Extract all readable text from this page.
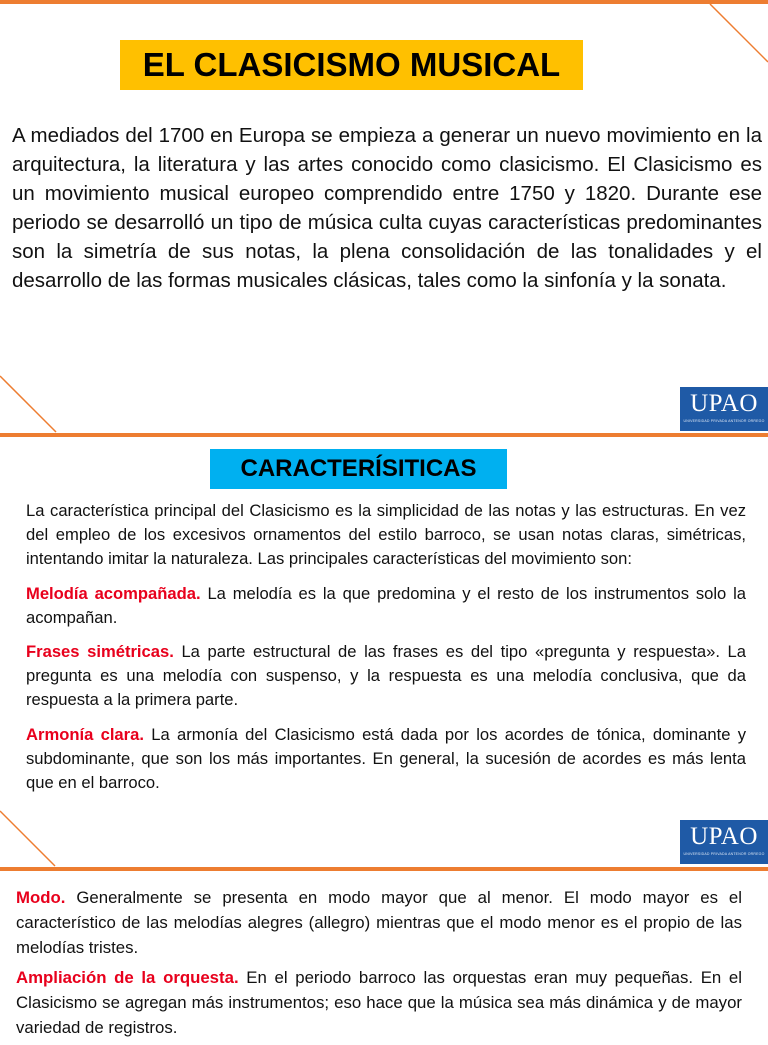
EL CLASICISMO MUSICAL

A mediados del 1700 en Europa se empieza a generar un nuevo movimiento en la arquitectura, la literatura y las artes conocido como clasicismo. El Clasicismo es un movimiento musical europeo comprendido entre 1750 y 1820. Durante ese periodo se desarrolló un tipo de música culta cuyas características predominantes son la simetría de sus notas, la plena consolidación de las tonalidades y el desarrollo de las formas musicales clásicas, tales como la sinfonía y la sonata.

UPAO
UNIVERSIDAD PRIVADA ANTENOR ORREGO
CARACTERÍSITICAS

La característica principal del Clasicismo es la simplicidad de las notas y las estructuras. En vez del empleo de los excesivos ornamentos del estilo barroco, se usan notas claras, simétricas, intentando imitar la naturaleza. Las principales características del movimiento son:

Melodía acompañada. La melodía es la que predomina y el resto de los instrumentos solo la acompañan.

Frases simétricas. La parte estructural de las frases es del tipo «pregunta y respuesta». La pregunta es una melodía con suspenso, y la respuesta es una melodía conclusiva, que da respuesta a la primera parte.

Armonía clara. La armonía del Clasicismo está dada por los acordes de tónica, dominante y subdominante, que son los más importantes. En general, la sucesión de acordes es más lenta que en el barroco.

UPAO
UNIVERSIDAD PRIVADA ANTENOR ORREGO

Modo. Generalmente se presenta en modo mayor que al menor. El modo mayor es el característico de las melodías alegres (allegro) mientras que el modo menor es el propio de las melodías tristes.

Ampliación de la orquesta. En el periodo barroco las orquestas eran muy pequeñas. En el Clasicismo se agregan más instrumentos; eso hace que la música sea más dinámica y de mayor variedad de registros.
